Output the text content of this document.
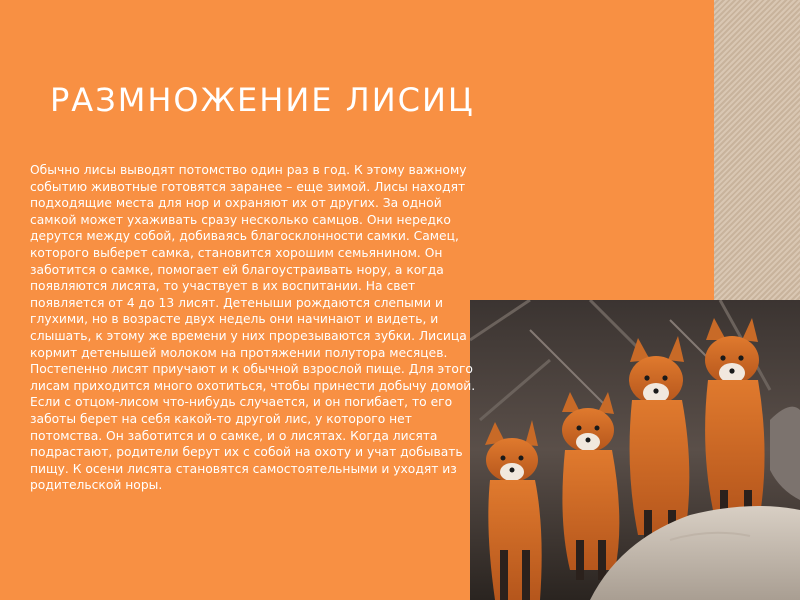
РАЗМНОЖЕНИЕ ЛИСИЦ

Обычно лисы выводят потомство один раз в год. К этому важному событию животные готовятся заранее – еще зимой. Лисы находят подходящие места для нор и охраняют их от других. За одной самкой может ухаживать сразу несколько самцов. Они нередко дерутся между собой, добиваясь благосклонности самки. Самец, которого выберет самка, становится хорошим семьянином. Он заботится о самке, помогает ей благоустраивать нору, а когда появляются лисята, то участвует в их воспитании. На свет появляется от 4 до 13 лисят. Детеныши рождаются слепыми и глухими, но в возрасте двух недель они начинают и видеть, и слышать, к этому же времени у них прорезываются зубки. Лисица кормит детенышей молоком на протяжении полутора месяцев. Постепенно лисят приучают и к обычной взрослой пище. Для этого лисам приходится много охотиться, чтобы принести добычу домой. Если с отцом-лисом что-нибудь случается, и он погибает, то его заботы берет на себя какой-то другой лис, у которого нет потомства. Он заботится и о самке, и о лисятах. Когда лисята подрастают, родители берут их с собой на охоту и учат добывать пищу. К осени лисята становятся самостоятельными и уходят из родительской норы.
